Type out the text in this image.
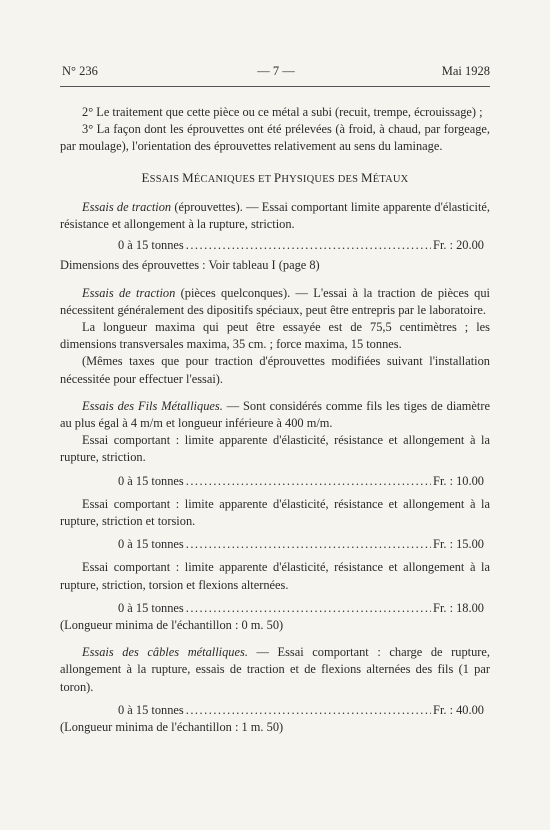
N° 236	— 7 —	Mai 1928

2° Le traitement que cette pièce ou ce métal a subi (recuit, trempe, écrouissage) ;

3° La façon dont les éprouvettes ont été prélevées (à froid, à chaud, par forgeage, par moulage), l'orientation des éprouvettes relativement au sens du laminage.

ESSAIS MÉCANIQUES ET PHYSIQUES DES MÉTAUX

Essais de traction (éprouvettes). — Essai comportant limite apparente d'élasticité, résistance et allongement à la rupture, striction.

0 à 15 tonnes .....	Fr. : 20.00

Dimensions des éprouvettes : Voir tableau I (page 8)

Essais de traction (pièces quelconques). — L'essai à la traction de pièces qui nécessitent généralement des dipositifs spéciaux, peut être entrepris par le laboratoire.

La longueur maxima qui peut être essayée est de 75,5 centimètres ; les dimensions transversales maxima, 35 cm. ; force maxima, 15 tonnes.

(Mêmes taxes que pour traction d'éprouvettes modifiées suivant l'installation nécessitée pour effectuer l'essai).

Essais des Fils Métalliques. — Sont considérés comme fils les tiges de diamètre au plus égal à 4 m/m et longueur inférieure à 400 m/m.

Essai comportant : limite apparente d'élasticité, résistance et allongement à la rupture, striction.

0 à 15 tonnes .....	Fr. : 10.00

Essai comportant : limite apparente d'élasticité, résistance et allongement à la rupture, striction et torsion.

0 à 15 tonnes .....	Fr. : 15.00

Essai comportant : limite apparente d'élasticité, résistance et allongement à la rupture, striction, torsion et flexions alternées.

0 à 15 tonnes .....	Fr. : 18.00

(Longueur minima de l'échantillon : 0 m. 50)

Essais des câbles métalliques. — Essai comportant : charge de rupture, allongement à la rupture, essais de traction et de flexions alternées des fils (1 par toron).

0 à 15 tonnes .....	Fr. : 40.00

(Longueur minima de l'échantillon : 1 m. 50)
